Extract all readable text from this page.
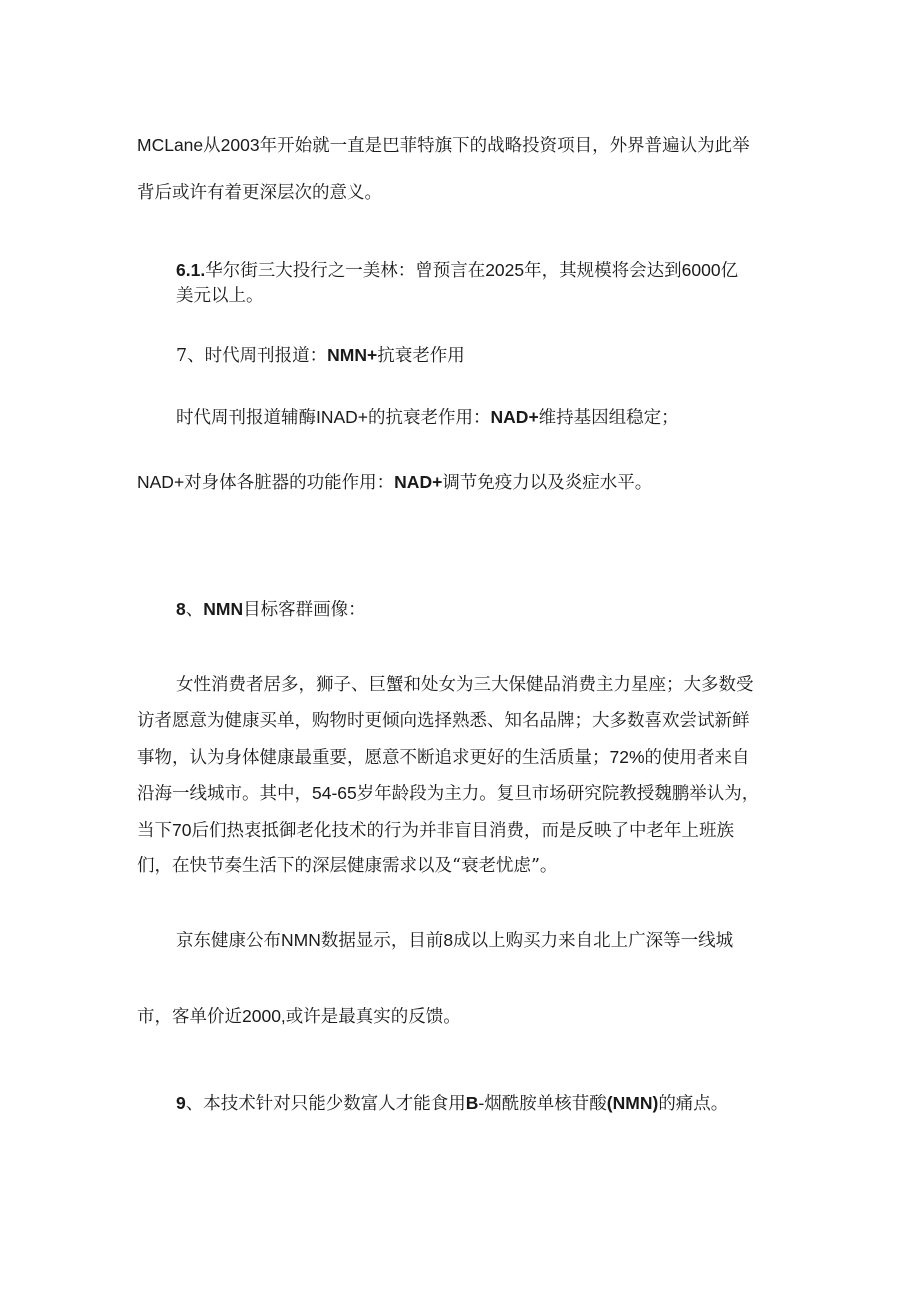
MCLane从2003年开始就一直是巴菲特旗下的战略投资项目，外界普遍认为此举
背后或许有着更深层次的意义。
6.1.华尔街三大投行之一美林：曾预言在2025年，其规模将会达到6000亿
美元以上。
7、时代周刊报道：NMN+抗衰老作用
时代周刊报道辅酶INAD+的抗衰老作用：NAD+维持基因组稳定；
NAD+对身体各脏器的功能作用：NAD+调节免疫力以及炎症水平。
8、NMN目标客群画像：
女性消费者居多，狮子、巨蟹和处女为三大保健品消费主力星座；大多数受
访者愿意为健康买单，购物时更倾向选择熟悉、知名品牌；大多数喜欢尝试新鲜
事物，认为身体健康最重要，愿意不断追求更好的生活质量；72%的使用者来自
沿海一线城市。其中，54-65岁年龄段为主力。复旦市场研究院教授魏鹏举认为，
当下70后们热衷抵御老化技术的行为并非盲目消费，而是反映了中老年上班族
们，在快节奏生活下的深层健康需求以及“衰老忧虑”。
京东健康公布NMN数据显示，目前8成以上购买力来自北上广深等一线城
市，客单价近2000,或许是最真实的反馈。
9、本技术针对只能少数富人才能食用B-烟酰胺单核苷酸(NMN)的痛点。
